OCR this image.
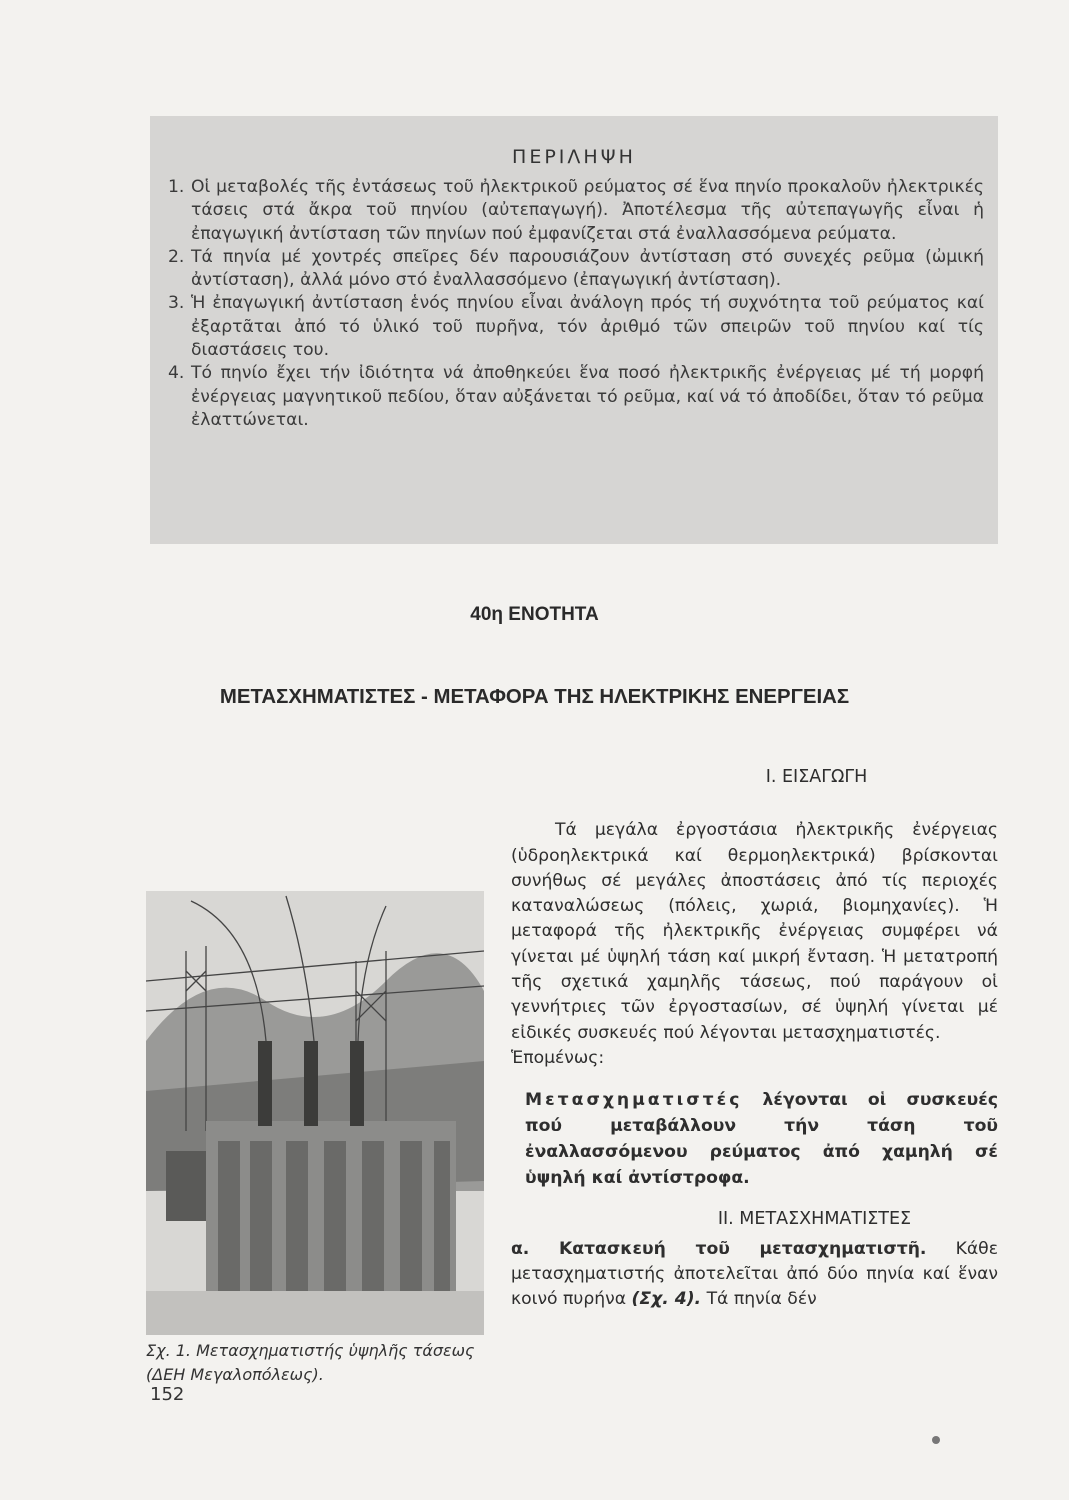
ΠΕΡΙΛΗΨΗ
1. Οἱ μεταβολές τῆς ἐντάσεως τοῦ ἠλεκτρικοῦ ρεύματος σέ ἕνα πηνίο προκαλοῦν ἠλεκτρικές τάσεις στά ἄκρα τοῦ πηνίου (αὐτεπαγωγή). Ἀποτέλεσμα τῆς αὐτεπαγωγῆς εἶναι ἡ ἐπαγωγική ἀντίσταση τῶν πηνίων πού ἐμφανίζεται στά ἐναλλασσόμενα ρεύματα.
2. Τά πηνία μέ χοντρές σπεῖρες δέν παρουσιάζουν ἀντίσταση στό συνεχές ρεῦμα (ὠμική ἀντίσταση), ἀλλά μόνο στό ἐναλλασσόμενο (ἐπαγωγική ἀντίσταση).
3. Ἡ ἐπαγωγική ἀντίσταση ἑνός πηνίου εἶναι ἀνάλογη πρός τή συχνότητα τοῦ ρεύματος καί ἐξαρτᾶται ἀπό τό ὑλικό τοῦ πυρῆνα, τόν ἀριθμό τῶν σπειρῶν τοῦ πηνίου καί τίς διαστάσεις του.
4. Τό πηνίο ἔχει τήν ἰδιότητα νά ἀποθηκεύει ἕνα ποσό ἠλεκτρικῆς ἐνέργειας μέ τή μορφή ἐνέργειας μαγνητικοῦ πεδίου, ὅταν αὐξάνεται τό ρεῦμα, καί νά τό ἀποδίδει, ὅταν τό ρεῦμα ἐλαττώνεται.
40η ΕΝΟΤΗΤΑ
ΜΕΤΑΣΧΗΜΑΤΙΣΤΕΣ - ΜΕΤΑΦΟΡΑ ΤΗΣ ΗΛΕΚΤΡΙΚΗΣ ΕΝΕΡΓΕΙΑΣ
Σχ. 1. Μετασχηματιστής ὑψηλῆς τάσεως (ΔΕΗ Μεγαλοπόλεως).
Ι. ΕΙΣΑΓΩΓΗ

Τά μεγάλα ἐργοστάσια ἠλεκτρικῆς ἐνέργειας (ὑδροηλεκτρικά καί θερμοηλεκτρικά) βρίσκονται συνήθως σέ μεγάλες ἀποστάσεις ἀπό τίς περιοχές καταναλώσεως (πόλεις, χωριά, βιομηχανίες). Ἡ μεταφορά τῆς ἠλεκτρικῆς ἐνέργειας συμφέρει νά γίνεται μέ ὑψηλή τάση καί μικρή ἔνταση. Ἡ μετατροπή τῆς σχετικά χαμηλῆς τάσεως, πού παράγουν οἱ γεννήτριες τῶν ἐργοστασίων, σέ ὑψηλή γίνεται μέ εἰδικές συσκευές πού λέγονται μετασχηματιστές.

Ἑπομένως:

Μετασχηματιστές λέγονται οἱ συσκευές πού μεταβάλλουν τήν τάση τοῦ ἐναλλασσόμενου ρεύματος ἀπό χαμηλή σέ ὑψηλή καί ἀντίστροφα.

ΙΙ. ΜΕΤΑΣΧΗΜΑΤΙΣΤΕΣ

α. Κατασκευή τοῦ μετασχηματιστῆ. Κάθε μετασχηματιστής ἀποτελεῖται ἀπό δύο πηνία καί ἕναν κοινό πυρήνα (Σχ. 4). Τά πηνία δέν

152
